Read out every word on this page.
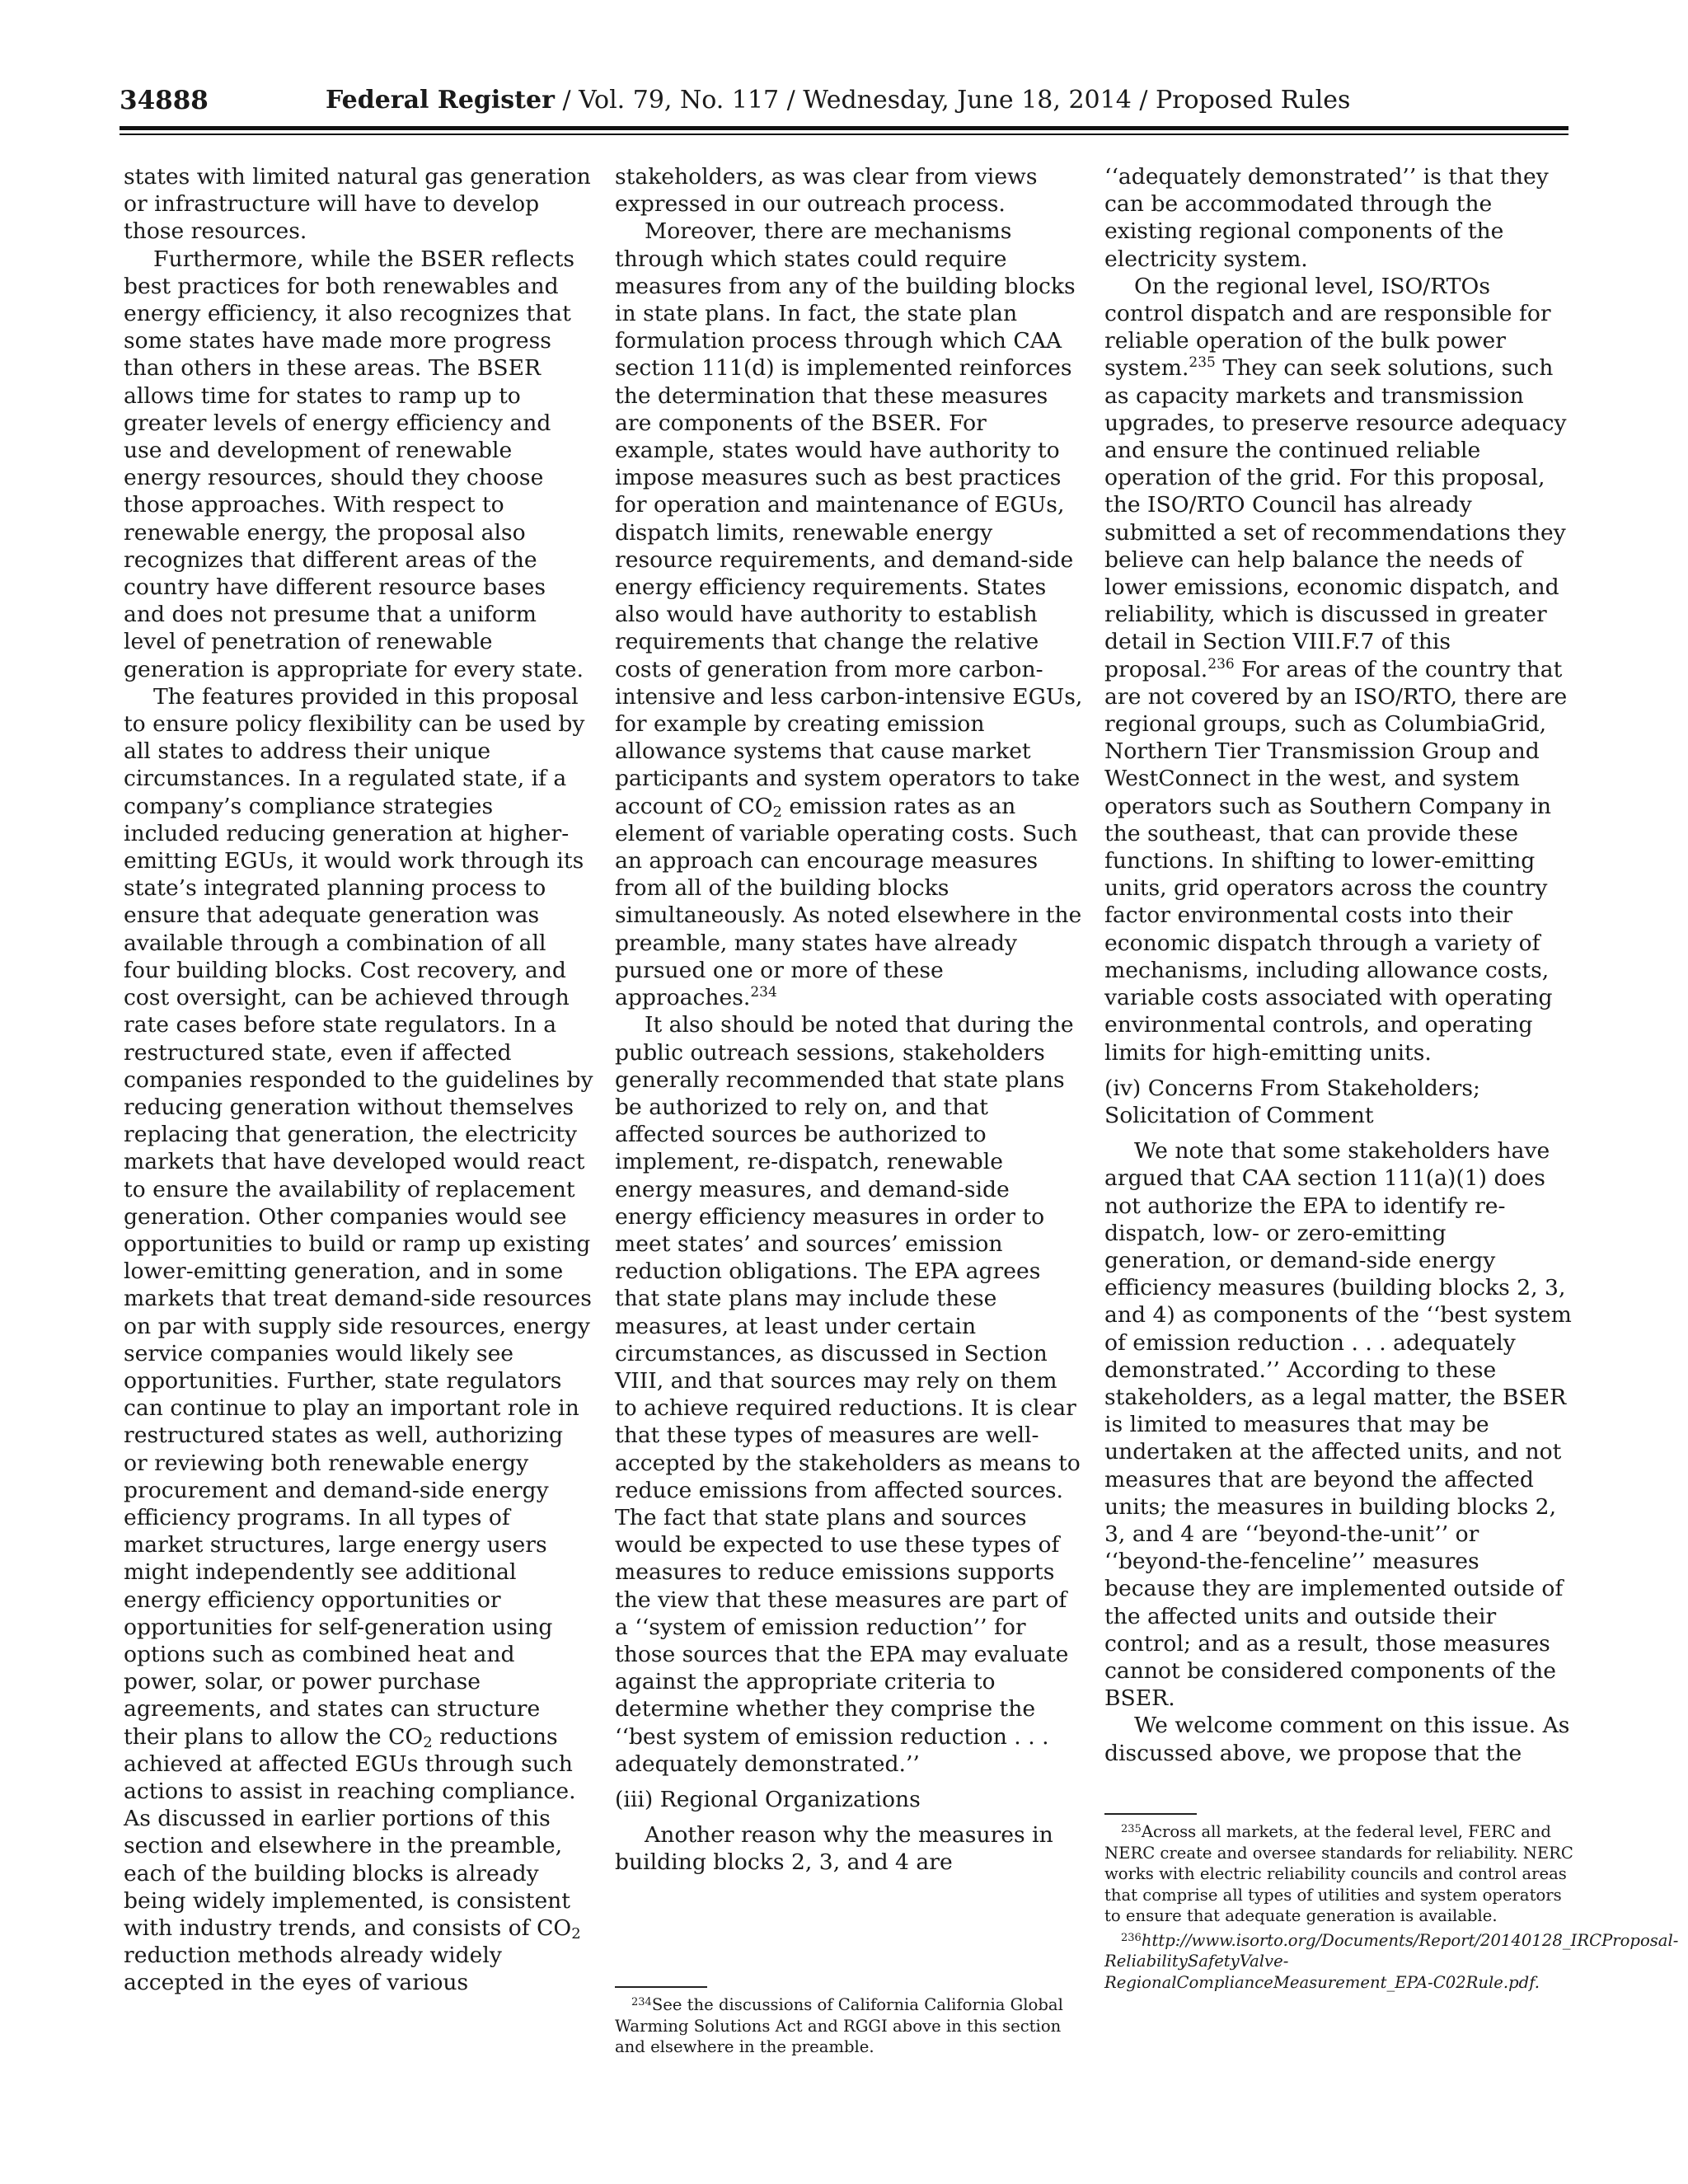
34888	Federal Register / Vol. 79, No. 117 / Wednesday, June 18, 2014 / Proposed Rules

states with limited natural gas generation or infrastructure will have to develop those resources.

Furthermore, while the BSER reflects best practices for both renewables and energy efficiency, it also recognizes that some states have made more progress than others in these areas. The BSER allows time for states to ramp up to greater levels of energy efficiency and use and development of renewable energy resources, should they choose those approaches. With respect to renewable energy, the proposal also recognizes that different areas of the country have different resource bases and does not presume that a uniform level of penetration of renewable generation is appropriate for every state.

The features provided in this proposal to ensure policy flexibility can be used by all states to address their unique circumstances. In a regulated state, if a company’s compliance strategies included reducing generation at higher-emitting EGUs, it would work through its state’s integrated planning process to ensure that adequate generation was available through a combination of all four building blocks. Cost recovery, and cost oversight, can be achieved through rate cases before state regulators. In a restructured state, even if affected companies responded to the guidelines by reducing generation without themselves replacing that generation, the electricity markets that have developed would react to ensure the availability of replacement generation. Other companies would see opportunities to build or ramp up existing lower-emitting generation, and in some markets that treat demand-side resources on par with supply side resources, energy service companies would likely see opportunities. Further, state regulators can continue to play an important role in restructured states as well, authorizing or reviewing both renewable energy procurement and demand-side energy efficiency programs. In all types of market structures, large energy users might independently see additional energy efficiency opportunities or opportunities for self-generation using options such as combined heat and power, solar, or power purchase agreements, and states can structure their plans to allow the $CO_2$ reductions achieved at affected EGUs through such actions to assist in reaching compliance. As discussed in earlier portions of this section and elsewhere in the preamble, each of the building blocks is already being widely implemented, is consistent with industry trends, and consists of $CO_2$ reduction methods already widely accepted in the eyes of various

stakeholders, as was clear from views expressed in our outreach process.

Moreover, there are mechanisms through which states could require measures from any of the building blocks in state plans. In fact, the state plan formulation process through which CAA section 111(d) is implemented reinforces the determination that these measures are components of the BSER. For example, states would have authority to impose measures such as best practices for operation and maintenance of EGUs, dispatch limits, renewable energy resource requirements, and demand-side energy efficiency requirements. States also would have authority to establish requirements that change the relative costs of generation from more carbon-intensive and less carbon-intensive EGUs, for example by creating emission allowance systems that cause market participants and system operators to take account of $CO_2$ emission rates as an element of variable operating costs. Such an approach can encourage measures from all of the building blocks simultaneously. As noted elsewhere in the preamble, many states have already pursued one or more of these approaches.$^{234}$

It also should be noted that during the public outreach sessions, stakeholders generally recommended that state plans be authorized to rely on, and that affected sources be authorized to implement, re-dispatch, renewable energy measures, and demand-side energy efficiency measures in order to meet states’ and sources’ emission reduction obligations. The EPA agrees that state plans may include these measures, at least under certain circumstances, as discussed in Section VIII, and that sources may rely on them to achieve required reductions. It is clear that these types of measures are well-accepted by the stakeholders as means to reduce emissions from affected sources. The fact that state plans and sources would be expected to use these types of measures to reduce emissions supports the view that these measures are part of a ‘‘system of emission reduction’’ for those sources that the EPA may evaluate against the appropriate criteria to determine whether they comprise the ‘‘best system of emission reduction . . . adequately demonstrated.’’

(iii) Regional Organizations

Another reason why the measures in building blocks 2, 3, and 4 are

‘‘adequately demonstrated’’ is that they can be accommodated through the existing regional components of the electricity system.

On the regional level, ISO/RTOs control dispatch and are responsible for reliable operation of the bulk power system.$^{235}$ They can seek solutions, such as capacity markets and transmission upgrades, to preserve resource adequacy and ensure the continued reliable operation of the grid. For this proposal, the ISO/RTO Council has already submitted a set of recommendations they believe can help balance the needs of lower emissions, economic dispatch, and reliability, which is discussed in greater detail in Section VIII.F.7 of this proposal.$^{236}$ For areas of the country that are not covered by an ISO/RTO, there are regional groups, such as ColumbiaGrid, Northern Tier Transmission Group and WestConnect in the west, and system operators such as Southern Company in the southeast, that can provide these functions. In shifting to lower-emitting units, grid operators across the country factor environmental costs into their economic dispatch through a variety of mechanisms, including allowance costs, variable costs associated with operating environmental controls, and operating limits for high-emitting units.

(iv) Concerns From Stakeholders; Solicitation of Comment

We note that some stakeholders have argued that CAA section 111(a)(1) does not authorize the EPA to identify re-dispatch, low- or zero-emitting generation, or demand-side energy efficiency measures (building blocks 2, 3, and 4) as components of the ‘‘best system of emission reduction . . . adequately demonstrated.’’ According to these stakeholders, as a legal matter, the BSER is limited to measures that may be undertaken at the affected units, and not measures that are beyond the affected units; the measures in building blocks 2, 3, and 4 are ‘‘beyond-the-unit’’ or ‘‘beyond-the-fenceline’’ measures because they are implemented outside of the affected units and outside their control; and as a result, those measures cannot be considered components of the BSER.

We welcome comment on this issue. As discussed above, we propose that the

$^{234}$See the discussions of California California Global Warming Solutions Act and RGGI above in this section and elsewhere in the preamble.

$^{235}$Across all markets, at the federal level, FERC and NERC create and oversee standards for reliability. NERC works with electric reliability councils and control areas that comprise all types of utilities and system operators to ensure that adequate generation is available.

$^{236}$http://www.isorto.org/Documents/Report/20140128_IRCProposal-ReliabilitySafetyValve-RegionalComplianceMeasurement_EPA-C02Rule.pdf.
